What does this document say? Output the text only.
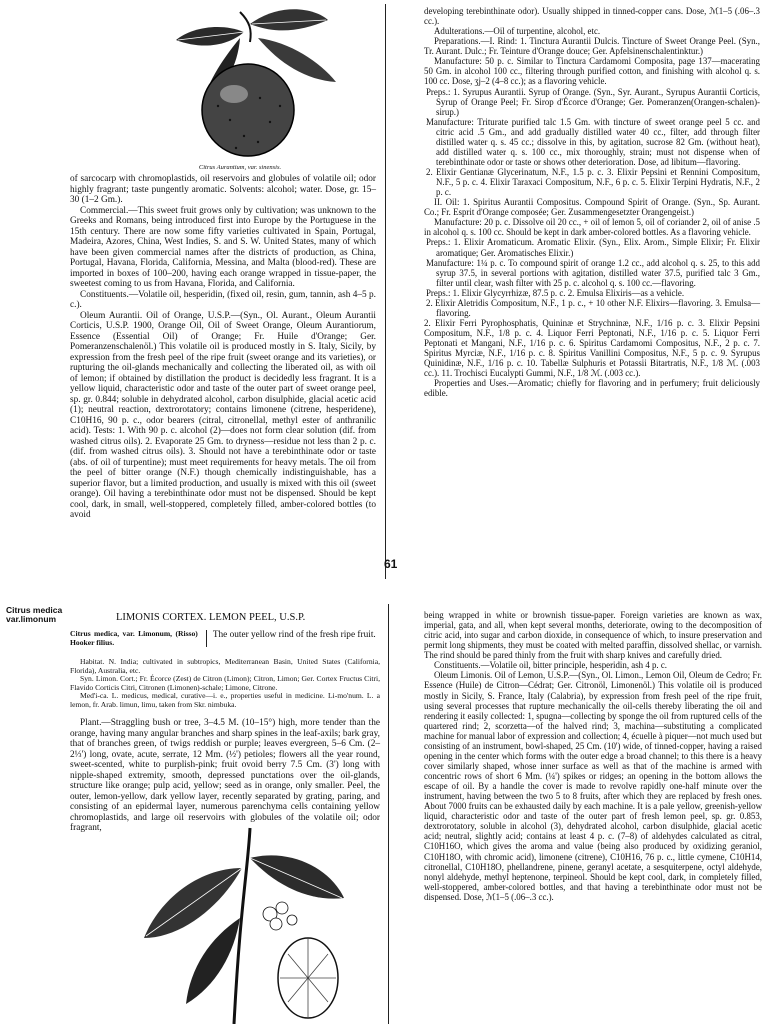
Citrus Aurantium, var. sinensis.

of sarcocarp with chromoplastids, oil reservoirs and globules of volatile oil; odor highly fragrant; taste pungently aromatic. Solvents: alcohol; water. Dose, gr. 15–30 (1–2 Gm.).

Commercial.—This sweet fruit grows only by cultivation; was unknown to the Greeks and Romans, being introduced first into Europe by the Portuguese in the 15th century. There are now some fifty varieties cultivated in Spain, Portugal, Madeira, Azores, China, West Indies, S. and S. W. United States, many of which have been given commercial names after the districts of production, as China, Portugal, Havana, Florida, California, Messina, and Malta (blood-red). These are imported in boxes of 100–200, having each orange wrapped in tissue-paper, the sweetest coming to us from Havana, Florida, and California.

Constituents.—Volatile oil, hesperidin, (fixed oil, resin, gum, tannin, ash 4–5 p. c.).

Oleum Aurantii. Oil of Orange, U.S.P.—(Syn., Ol. Aurant., Oleum Aurantii Corticis, U.S.P. 1900, Orange Oil, Oil of Sweet Orange, Oleum Aurantiorum, Essence (Essential Oil) of Orange; Fr. Huile d'Orange; Ger. Pomeranzenschalenöl.) This volatile oil is produced mostly in S. Italy, Sicily, by expression from the fresh peel of the ripe fruit (sweet orange and its varieties), or rupturing the oil-glands mechanically and collecting the liberated oil, as with oil of lemon; if obtained by distillation the product is decidedly less fragrant. It is a yellow liquid, characteristic odor and taste of the outer part of sweet orange peel, sp. gr. 0.844; soluble in dehydrated alcohol, carbon disulphide, glacial acetic acid (1); neutral reaction, dextrorotatory; contains limonene (citrene, hesperidene), C10H16, 90 p. c., odor bearers (citral, citronellal, methyl ester of anthranilic acid). Tests: 1. With 90 p. c. alcohol (2)—does not form clear solution (dif. from washed citrus oils). 2. Evaporate 25 Gm. to dryness—residue not less than 2 p. c. (dif. from washed citrus oils). 3. Should not have a terebinthinate odor or taste (abs. of oil of turpentine); must meet requirements for heavy metals. The oil from the peel of bitter orange (N.F.) though chemically indistinguishable, has a superior flavor, but a limited production, and usually is mixed with this oil (sweet orange). Oil having a terebinthinate odor must not be dispensed. Should be kept cool, dark, in small, well-stoppered, completely filled, amber-colored bottles (to avoid

61

developing terebinthinate odor). Usually shipped in tinned-copper cans. Dose, ℳ1–5 (.06–.3 cc.).

Adulterations.—Oil of turpentine, alcohol, etc.

Preparations.—I. Rind: 1. Tinctura Aurantii Dulcis. Tincture of Sweet Orange Peel. (Syn., Tr. Aurant. Dulc.; Fr. Teinture d'Orange douce; Ger. Apfelsinenschalentinktur.)

Manufacture: 50 p. c. Similar to Tinctura Cardamomi Composita, page 137—macerating 50 Gm. in alcohol 100 cc., filtering through purified cotton, and finishing with alcohol q. s. 100 cc. Dose, ʒj–2 (4–8 cc.); as a flavoring vehicle.

Preps.: 1. Syrupus Aurantii. Syrup of Orange. (Syn., Syr. Aurant., Syrupus Aurantii Corticis, Syrup of Orange Peel; Fr. Sirop d'Écorce d'Orange; Ger. Pomeranzen(Orangen-schalen)-sirup.)

Manufacture: Triturate purified talc 1.5 Gm. with tincture of sweet orange peel 5 cc. and citric acid .5 Gm., and add gradually distilled water 40 cc., filter, add through filter distilled water q. s. 45 cc.; dissolve in this, by agitation, sucrose 82 Gm. (without heat), add distilled water q. s. 100 cc., mix thoroughly, strain; must not dispense when of terebinthinate odor or taste or shows other deterioration. Dose, ad libitum—flavoring.

2. Elixir Gentianæ Glycerinatum, N.F., 1.5 p. c. 3. Elixir Pepsini et Rennini Compositum, N.F., 5 p. c. 4. Elixir Taraxaci Compositum, N.F., 6 p. c. 5. Elixir Terpini Hydratis, N.F., 2 p. c.

II. Oil: 1. Spiritus Aurantii Compositus. Compound Spirit of Orange. (Syn., Sp. Aurant. Co.; Fr. Esprit d'Orange composée; Ger. Zusammengesetzter Orangengeist.)

Manufacture: 20 p. c. Dissolve oil 20 cc., + oil of lemon 5, oil of coriander 2, oil of anise .5 in alcohol q. s. 100 cc. Should be kept in dark amber-colored bottles. As a flavoring vehicle.

Preps.: 1. Elixir Aromaticum. Aromatic Elixir. (Syn., Elix. Arom., Simple Elixir; Fr. Elixir aromatique; Ger. Aromatisches Elixir.)

Manufacture: 1¼ p. c. To compound spirit of orange 1.2 cc., add alcohol q. s. 25, to this add syrup 37.5, in several portions with agitation, distilled water 37.5, purified talc 3 Gm., filter until clear, wash filter with 25 p. c. alcohol q. s. 100 cc.—flavoring.

Preps.: 1. Elixir Glycyrrhizæ, 87.5 p. c. 2. Emulsa Elixiris—as a vehicle.

2. Elixir Aletridis Compositum, N.F., 1 p. c., + 10 other N.F. Elixirs—flavoring. 3. Emulsa—flavoring.

2. Elixir Ferri Pyrophosphatis, Quininæ et Strychninæ, N.F., 1/16 p. c. 3. Elixir Pepsini Compositum, N.F., 1/8 p. c. 4. Liquor Ferri Peptonati, N.F., 1/16 p. c. 5. Liquor Ferri Peptonati et Mangani, N.F., 1/16 p. c. 6. Spiritus Cardamomi Compositus, N.F., 2 p. c. 7. Spiritus Myrciæ, N.F., 1/16 p. c. 8. Spiritus Vanillini Compositus, N.F., 5 p. c. 9. Syrupus Quinidinæ, N.F., 1/16 p. c. 10. Tabellæ Sulphuris et Potassii Bitartratis, N.F., 1/8 ℳ. (.003 cc.). 11. Trochisci Eucalypti Gummi, N.F., 1/8 ℳ. (.003 cc.).

Properties and Uses.—Aromatic; chiefly for flavoring and in perfumery; fruit deliciously edible.

Citrus medica var.limonum	LIMONIS CORTEX. LEMON PEEL, U.S.P.
Citrus medica, var. Limonum, (Risso) Hooker filius.
The outer yellow rind of the fresh ripe fruit.

Habitat. N. India; cultivated in subtropics, Mediterranean Basin, United States (California, Florida), Australia, etc.

Syn. Limon. Cort.; Fr. Écorce (Zest) de Citron (Limon); Citron, Limon; Ger. Cortex Fructus Citri, Flavido Corticis Citri, Citronen (Limonen)-schale; Limone, Citrone.

Med'i-ca. L. medicus, medical, curative—i. e., properties useful in medicine. Li-mo'num. L. a lemon, fr. Arab. limun, limu, taken from Skr. nimbuka.

Plant.—Straggling bush or tree, 3–4.5 M. (10–15°) high, more tender than the orange, having many angular branches and sharp spines in the leaf-axils; bark gray, that of branches green, of twigs reddish or purple; leaves evergreen, 5–6 Cm. (2–2⅓') long, ovate, acute, serrate, 12 Mm. (½') petioles; flowers all the year round, sweet-scented, white to purplish-pink; fruit ovoid berry 7.5 Cm. (3') long with nipple-shaped extremity, smooth, depressed punctations over the oil-glands, structure like orange; pulp acid, yellow; seed as in orange, only smaller. Peel, the outer, lemon-yellow, dark yellow layer, recently separated by grating, paring, and consisting of an epidermal layer, numerous parenchyma cells containing yellow chromoplastids, and large oil reservoirs with globules of the volatile oil; odor fragrant,

being wrapped in white or brownish tissue-paper. Foreign varieties are known as wax, imperial, gata, and all, when kept several months, deteriorate, owing to the decomposition of citric acid, into sugar and carbon dioxide, in consequence of which, to insure preservation and permit long shipments, they must be coated with melted paraffin, dissolved shellac, or varnish. The rind should be pared thinly from the fruit with sharp knives and carefully dried.

Constituents.—Volatile oil, bitter principle, hesperidin, ash 4 p. c.

Oleum Limonis. Oil of Lemon, U.S.P.—(Syn., Ol. Limon., Lemon Oil, Oleum de Cedro; Fr. Essence (Huile) de Citron—Cédrat; Ger. Citronöl, Limonenöl.) This volatile oil is produced mostly in Sicily, S. France, Italy (Calabria), by expression from fresh peel of the ripe fruit, using several processes that rupture mechanically the oil-cells thereby liberating the oil and rendering it easily collected: 1, spugna—collecting by sponge the oil from ruptured cells of the quartered rind; 2, scorzetta—of the halved rind; 3, machina—substituting a complicated machine for manual labor of expression and collection; 4, écuelle à piquer—not much used but consisting of an instrument, bowl-shaped, 25 Cm. (10') wide, of tinned-copper, having a raised opening in the center which forms with the outer edge a broad channel; to this there is a heavy cover similarly shaped, whose inner surface as well as that of the machine is armed with concentric rows of short 6 Mm. (¼') spikes or ridges; an opening in the bottom allows the escape of oil. By a handle the cover is made to revolve rapidly one-half minute over the instrument, having between the two 5 to 8 fruits, after which they are replaced by fresh ones. About 7000 fruits can be exhausted daily by each machine. It is a pale yellow, greenish-yellow liquid, characteristic odor and taste of the outer part of fresh lemon peel, sp. gr. 0.853, dextrorotatory, soluble in alcohol (3), dehydrated alcohol, carbon disulphide, glacial acetic acid; neutral, slightly acid; contains at least 4 p. c. (7–8) of aldehydes calculated as citral, C10H16O, which gives the aroma and value (being also produced by oxidizing geraniol, C10H18O, with chromic acid), limonene (citrene), C10H16, 76 p. c., little cymene, C10H14, citronellal, C10H18O, phellandrene, pinene, geranyl acetate, a sesquiterpene, octyl aldehyde, nonyl aldehyde, methyl heptenone, terpineol. Should be kept cool, dark, in completely filled, well-stoppered, amber-colored bottles, and that having a terebinthinate odor must not be dispensed. Dose, ℳ1–5 (.06–.3 cc.).
